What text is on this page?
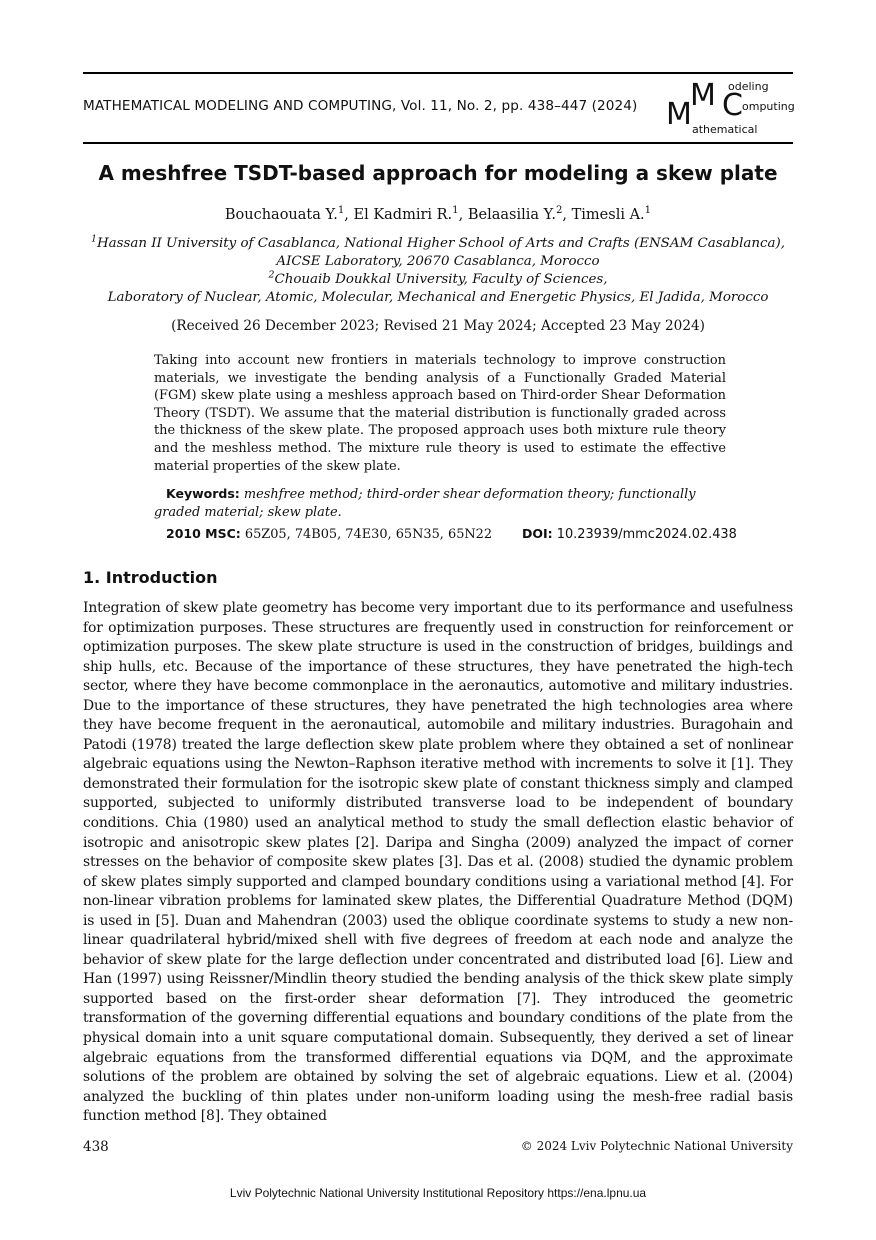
MATHEMATICAL MODELING AND COMPUTING, Vol. 11, No. 2, pp. 438–447 (2024) M
M C
odeling
omputing
athematical
A meshfree TSDT-based approach for modeling a skew plate
Bouchaouata Y.$^1$, El Kadmiri R.$^1$, Belaasilia Y.$^2$, Timesli A.$^1$
$^1$Hassan II University of Casablanca, National Higher School of Arts and Crafts (ENSAM Casablanca),
AICSE Laboratory, 20670 Casablanca, Morocco
$^2$Chouaib Doukkal University, Faculty of Sciences,
Laboratory of Nuclear, Atomic, Molecular, Mechanical and Energetic Physics, El Jadida, Morocco
(Received 26 December 2023; Revised 21 May 2024; Accepted 23 May 2024)
Taking into account new frontiers in materials technology to improve construction materials, we investigate the bending analysis of a Functionally Graded Material (FGM) skew plate using a meshless approach based on Third-order Shear Deformation Theory (TSDT). We assume that the material distribution is functionally graded across the thickness of the skew plate. The proposed approach uses both mixture rule theory and the meshless method. The mixture rule theory is used to estimate the effective material properties of the skew plate.
Keywords: meshfree method; third-order shear deformation theory; functionally graded material; skew plate.
2010 MSC: 65Z05, 74B05, 74E30, 65N35, 65N22 DOI: 10.23939/mmc2024.02.438
1. Introduction
Integration of skew plate geometry has become very important due to its performance and usefulness for optimization purposes. These structures are frequently used in construction for reinforcement or optimization purposes. The skew plate structure is used in the construction of bridges, buildings and ship hulls, etc. Because of the importance of these structures, they have penetrated the high-tech sector, where they have become commonplace in the aeronautics, automotive and military industries. Due to the importance of these structures, they have penetrated the high technologies area where they have become frequent in the aeronautical, automobile and military industries. Buragohain and Patodi (1978) treated the large deflection skew plate problem where they obtained a set of nonlinear algebraic equations using the Newton–Raphson iterative method with increments to solve it [1]. They demonstrated their formulation for the isotropic skew plate of constant thickness simply and clamped supported, subjected to uniformly distributed transverse load to be independent of boundary conditions. Chia (1980) used an analytical method to study the small deflection elastic behavior of isotropic and anisotropic skew plates [2]. Daripa and Singha (2009) analyzed the impact of corner stresses on the behavior of composite skew plates [3]. Das et al. (2008) studied the dynamic problem of skew plates simply supported and clamped boundary conditions using a variational method [4]. For non-linear vibration problems for laminated skew plates, the Differential Quadrature Method (DQM) is used in [5]. Duan and Mahendran (2003) used the oblique coordinate systems to study a new non-linear quadrilateral hybrid/mixed shell with five degrees of freedom at each node and analyze the behavior of skew plate for the large deflection under concentrated and distributed load [6]. Liew and Han (1997) using Reissner/Mindlin theory studied the bending analysis of the thick skew plate simply supported based on the first-order shear deformation [7]. They introduced the geometric transformation of the governing differential equations and boundary conditions of the plate from the physical domain into a unit square computational domain. Subsequently, they derived a set of linear algebraic equations from the transformed differential equations via DQM, and the approximate solutions of the problem are obtained by solving the set of algebraic equations. Liew et al. (2004) analyzed the buckling of thin plates under non-uniform loading using the mesh-free radial basis function method [8]. They obtained
438	© 2024 Lviv Polytechnic National University
Lviv Polytechnic National University Institutional Repository https://ena.lpnu.ua
